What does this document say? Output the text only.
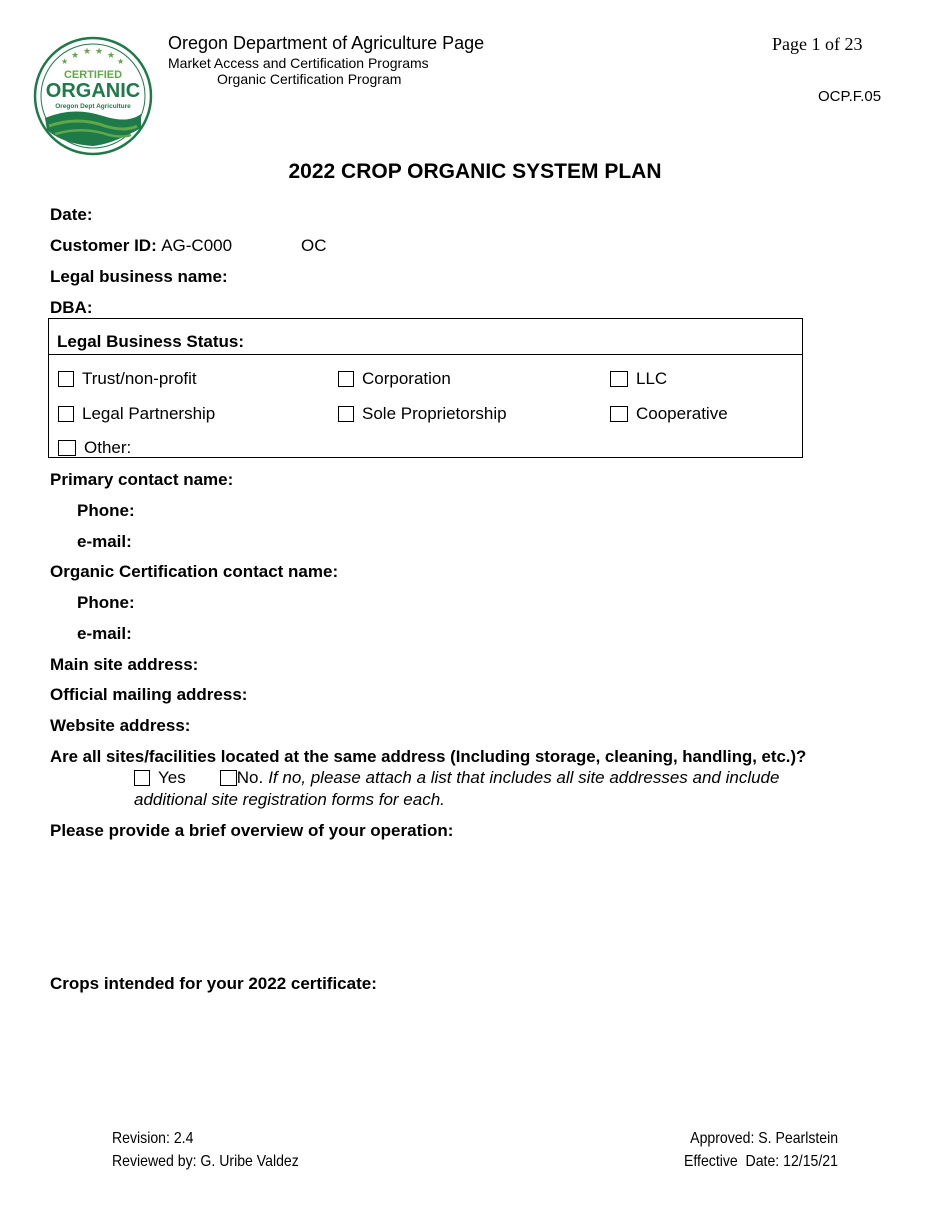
★ ★ ★ ★
★	★
CERTIFIED
ORGANIC
Oregon Dept Agriculture
Oregon Department of Agriculture Page
Market Access and Certification Programs
Organic Certification Program
Page 1 of 23
OCP.F.05
2022 CROP ORGANIC SYSTEM PLAN
Date:
Customer ID: AG-C000	OC
Legal business name:
DBA:
Legal Business Status:
Trust/non-profit	Corporation	LLC
Legal Partnership	Sole Proprietorship	Cooperative
Other:
Primary contact name:
Phone:
e-mail:
Organic Certification contact name:
Phone:
e-mail:
Main site address:
Official mailing address:
Website address:
Are all sites/facilities located at the same address (Including storage, cleaning, handling, etc.)?
Yes	No. If no, please attach a list that includes all site addresses and include
additional site registration forms for each.
Please provide a brief overview of your operation:
Crops intended for your 2022 certificate:
Revision: 2.4
Reviewed by: G. Uribe Valdez
Approved: S. Pearlstein
Effective  Date: 12/15/21
